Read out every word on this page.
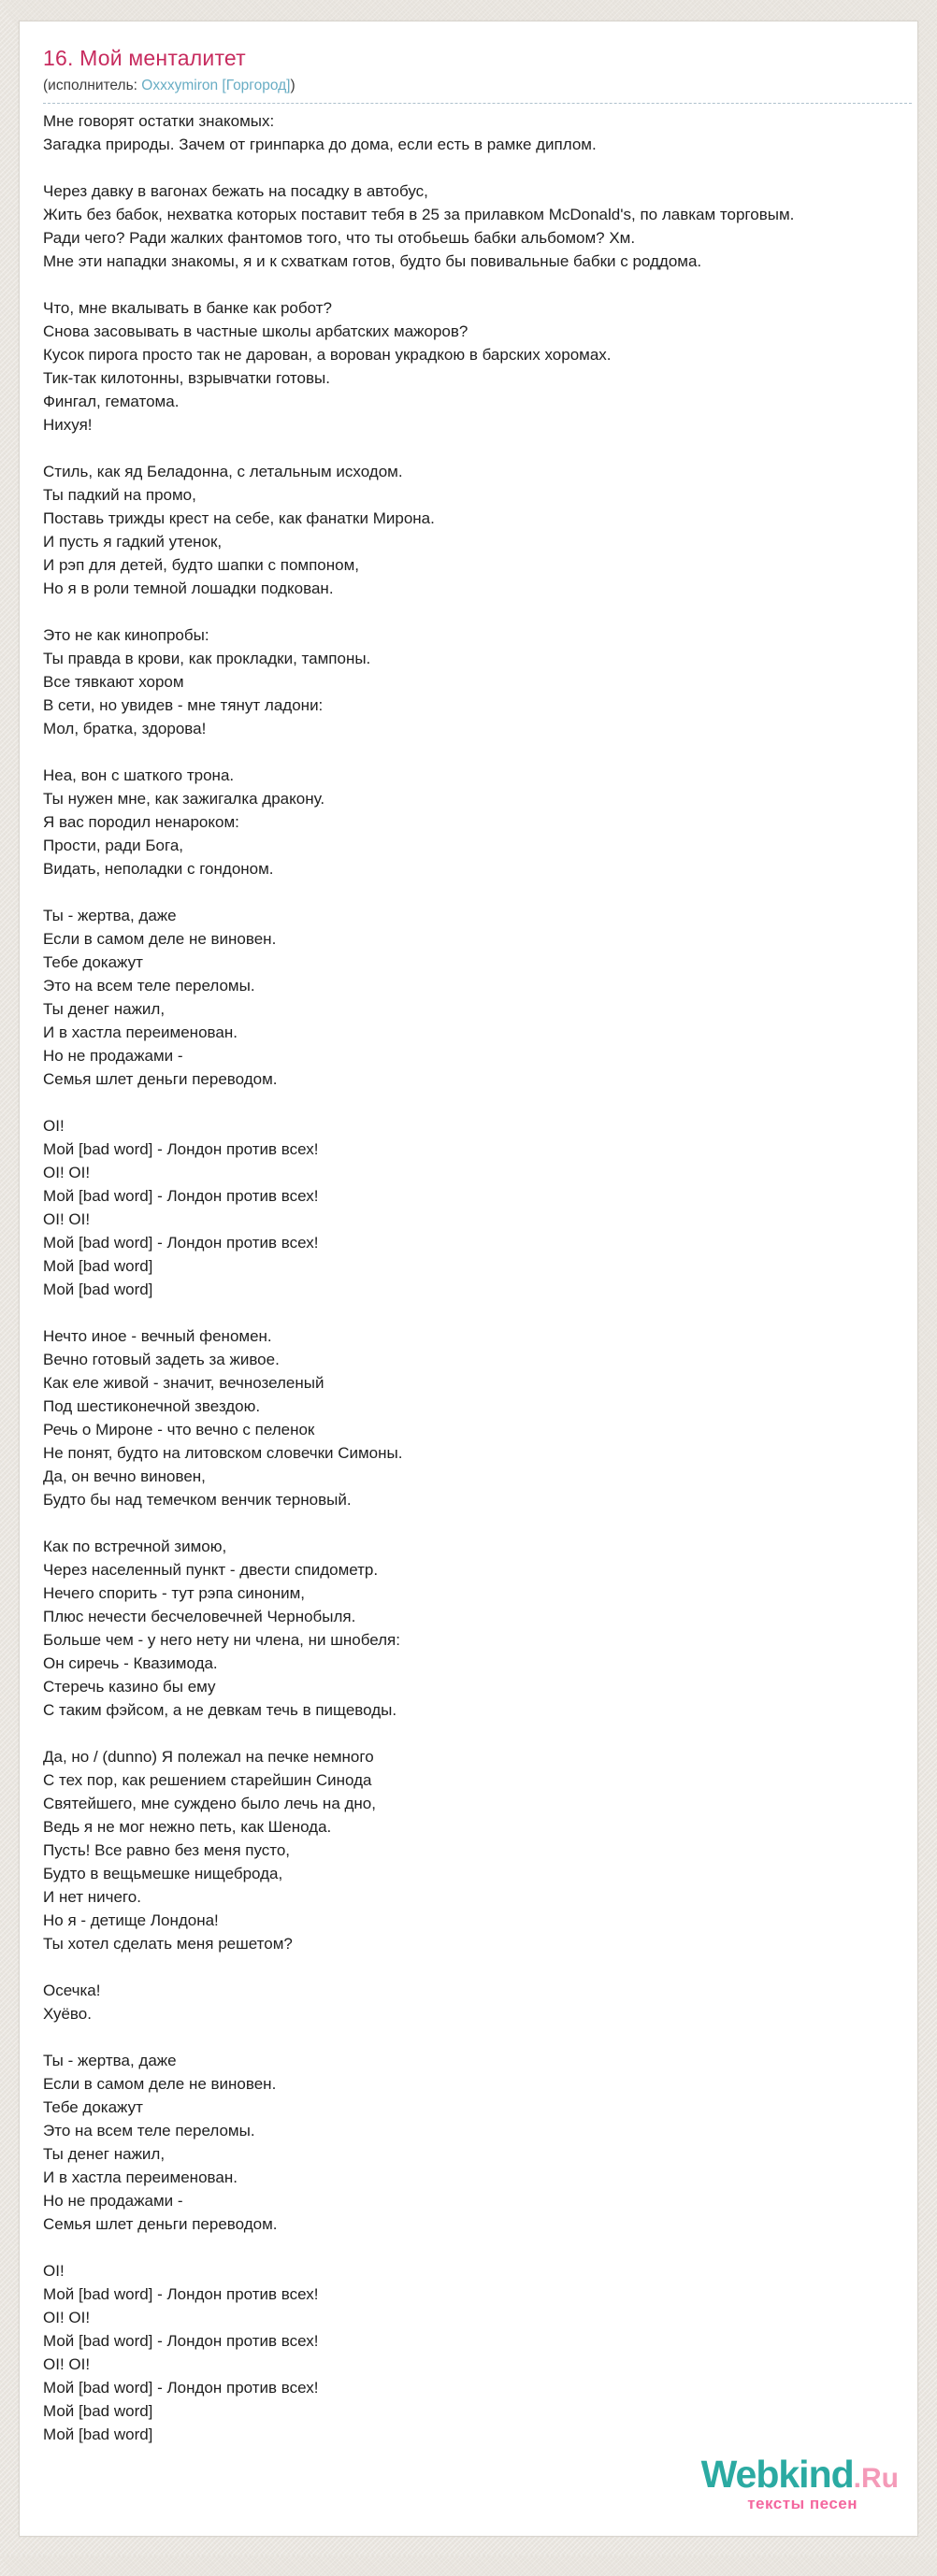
16. Мой менталитет
(исполнитель: Oxxxymiron [Горгород])
Мне говорят остатки знакомых:
Загадка природы. Зачем от гринпарка до дома, если есть в рамке диплом.
Через давку в вагонах бежать на посадку в автобус,
Жить без бабок, нехватка которых поставит тебя в 25 за прилавком McDonald's, по лавкам торговым.
Ради чего? Ради жалких фантомов того, что ты отобьешь бабки альбомом? Хм.
Мне эти нападки знакомы, я и к схваткам готов, будто бы повивальные бабки с роддома.
Что, мне вкалывать в банке как робот?
Снова засовывать в частные школы арбатских мажоров?
Кусок пирога просто так не дарован, а ворован украдкою в барских хоромах.
Тик-так килотонны, взрывчатки готовы.
Фингал, гематома.
Нихуя!
Стиль, как яд Беладонна, с летальным исходом.
Ты падкий на промо,
Поставь трижды крест на себе, как фанатки Мирона.
И пусть я гадкий утенок,
И рэп для детей, будто шапки с помпоном,
Но я в роли темной лошадки подкован.
Это не как кинопробы:
Ты правда в крови, как прокладки, тампоны.
Все тявкают хором
В сети, но увидев - мне тянут ладони:
Мол, братка, здорова!
Неа, вон с шаткого трона.
Ты нужен мне, как зажигалка дракону.
Я вас породил ненароком:
Прости, ради Бога,
Видать, неполадки с гондоном.
Ты - жертва, даже
Если в самом деле не виновен.
Тебе докажут
Это на всем теле переломы.
Ты денег нажил,
И в хастла переименован.
Но не продажами -
Семья шлет деньги переводом.
OI!
Мой [bad word] - Лондон против всех!
OI! OI!
Мой [bad word] - Лондон против всех!
OI! OI!
Мой [bad word] - Лондон против всех!
Мой [bad word]
Мой [bad word]
Нечто иное - вечный феномен.
Вечно готовый задеть за живое.
Как еле живой - значит, вечнозеленый
Под шестиконечной звездою.
Речь о Мироне - что вечно с пеленок
Не понят, будто на литовском словечки Симоны.
Да, он вечно виновен,
Будто бы над темечком венчик терновый.
Как по встречной зимою,
Через населенный пункт - двести спидометр.
Нечего спорить - тут рэпа синоним,
Плюс нечести бесчеловечней Чернобыля.
Больше чем - у него нету ни члена, ни шнобеля:
Он сиречь - Квазимода.
Стеречь казино бы ему
С таким фэйсом, а не девкам течь в пищеводы.
Да, но / (dunno) Я полежал на печке немного
С тех пор, как решением старейшин Синода
Святейшего, мне суждено было лечь на дно,
Ведь я не мог нежно петь, как Шенода.
Пусть! Все равно без меня пусто,
Будто в вещьмешке нищеброда,
И нет ничего.
Но я - детище Лондона!
Ты хотел сделать меня решетом?
Осечка!
Хуёво.
Ты - жертва, даже
Если в самом деле не виновен.
Тебе докажут
Это на всем теле переломы.
Ты денег нажил,
И в хастла переименован.
Но не продажами -
Семья шлет деньги переводом.
OI!
Мой [bad word] - Лондон против всех!
OI! OI!
Мой [bad word] - Лондон против всех!
OI! OI!
Мой [bad word] - Лондон против всех!
Мой [bad word]
Мой [bad word]
Webkind.Ru
тексты песен
